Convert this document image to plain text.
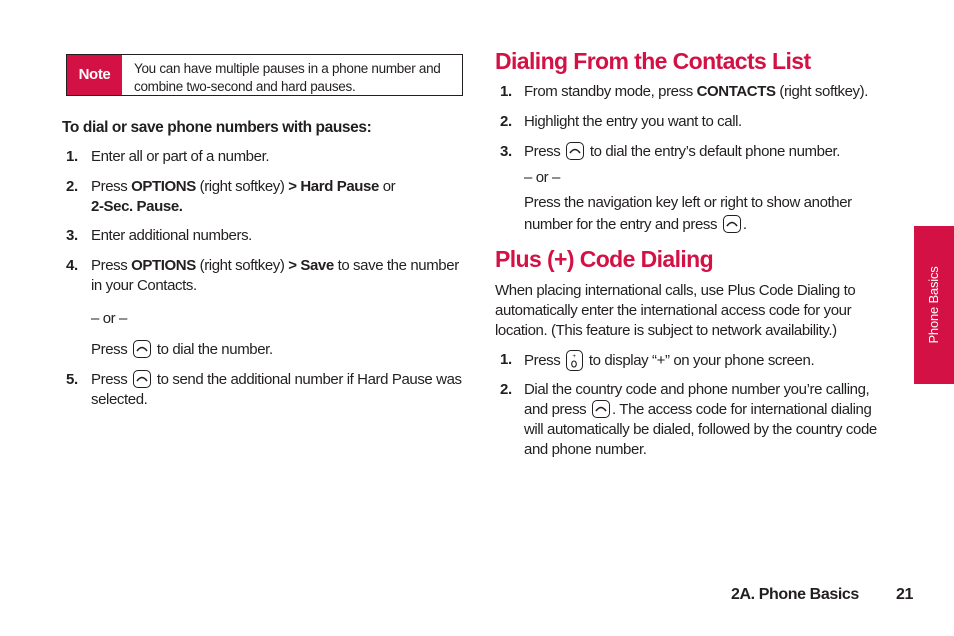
Note	You can have multiple pauses in a phone number and combine two-second and hard pauses.
To dial or save phone numbers with pauses:
1. Enter all or part of a number.
2. Press OPTIONS (right softkey) > Hard Pause or
2-Sec. Pause.
3. Enter additional numbers.
4. Press OPTIONS (right softkey) > Save to save the number
in your Contacts.
– or –
Press
to dial the number.
5. Press
to send the additional number if Hard Pause was
selected.
Dialing From the Contacts List
1. From standby mode, press CONTACTS (right softkey).
2. Highlight the entry you want to call.
3. Press
to dial the entry’s default phone number.
– or –
Press the navigation key left or right to show another
number for the entry and press
.
Plus (+) Code Dialing
When placing international calls, use Plus Code Dialing to
automatically enter the international access code for your
location. (This feature is subject to network availability.)
1. Press + to display “+” on your phone screen.
2. Dial the country code and phone number you’re calling,
and press
. The access code for international dialing
will automatically be dialed, followed by the country code
and phone number.
Phone Basics
2A. Phone Basics 21
